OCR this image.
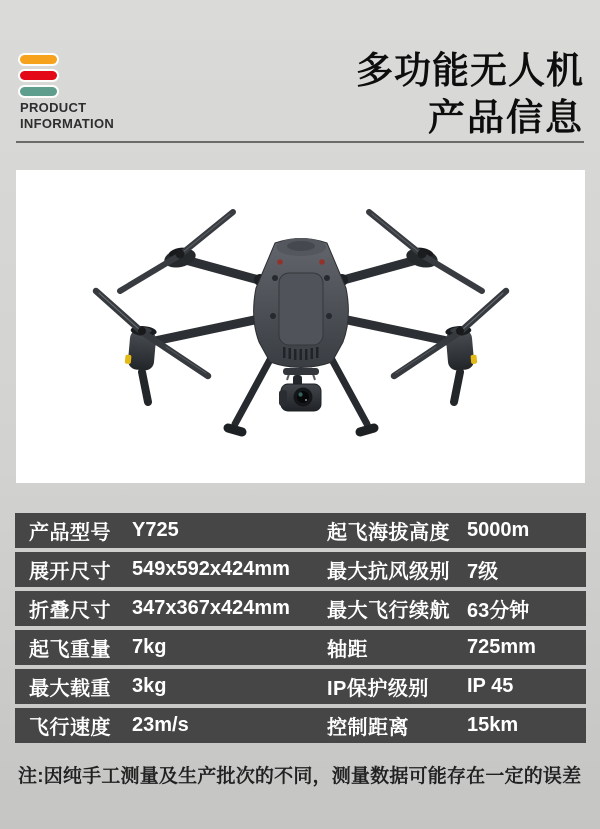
PRODUCT
INFORMATION
多功能无人机
产品信息
产品型号	Y725	起飞海拔高度 5000m
展开尺寸	549x592x424mm	最大抗风级别 7级
折叠尺寸	347x367x424mm	最大飞行续航 63分钟
起飞重量	7kg	轴距	725mm
最大载重	3kg	IP保护级别	IP 45
飞行速度	23m/s	控制距离	15km

注:因纯手工测量及生产批次的不同，测量数据可能存在一定的误差
